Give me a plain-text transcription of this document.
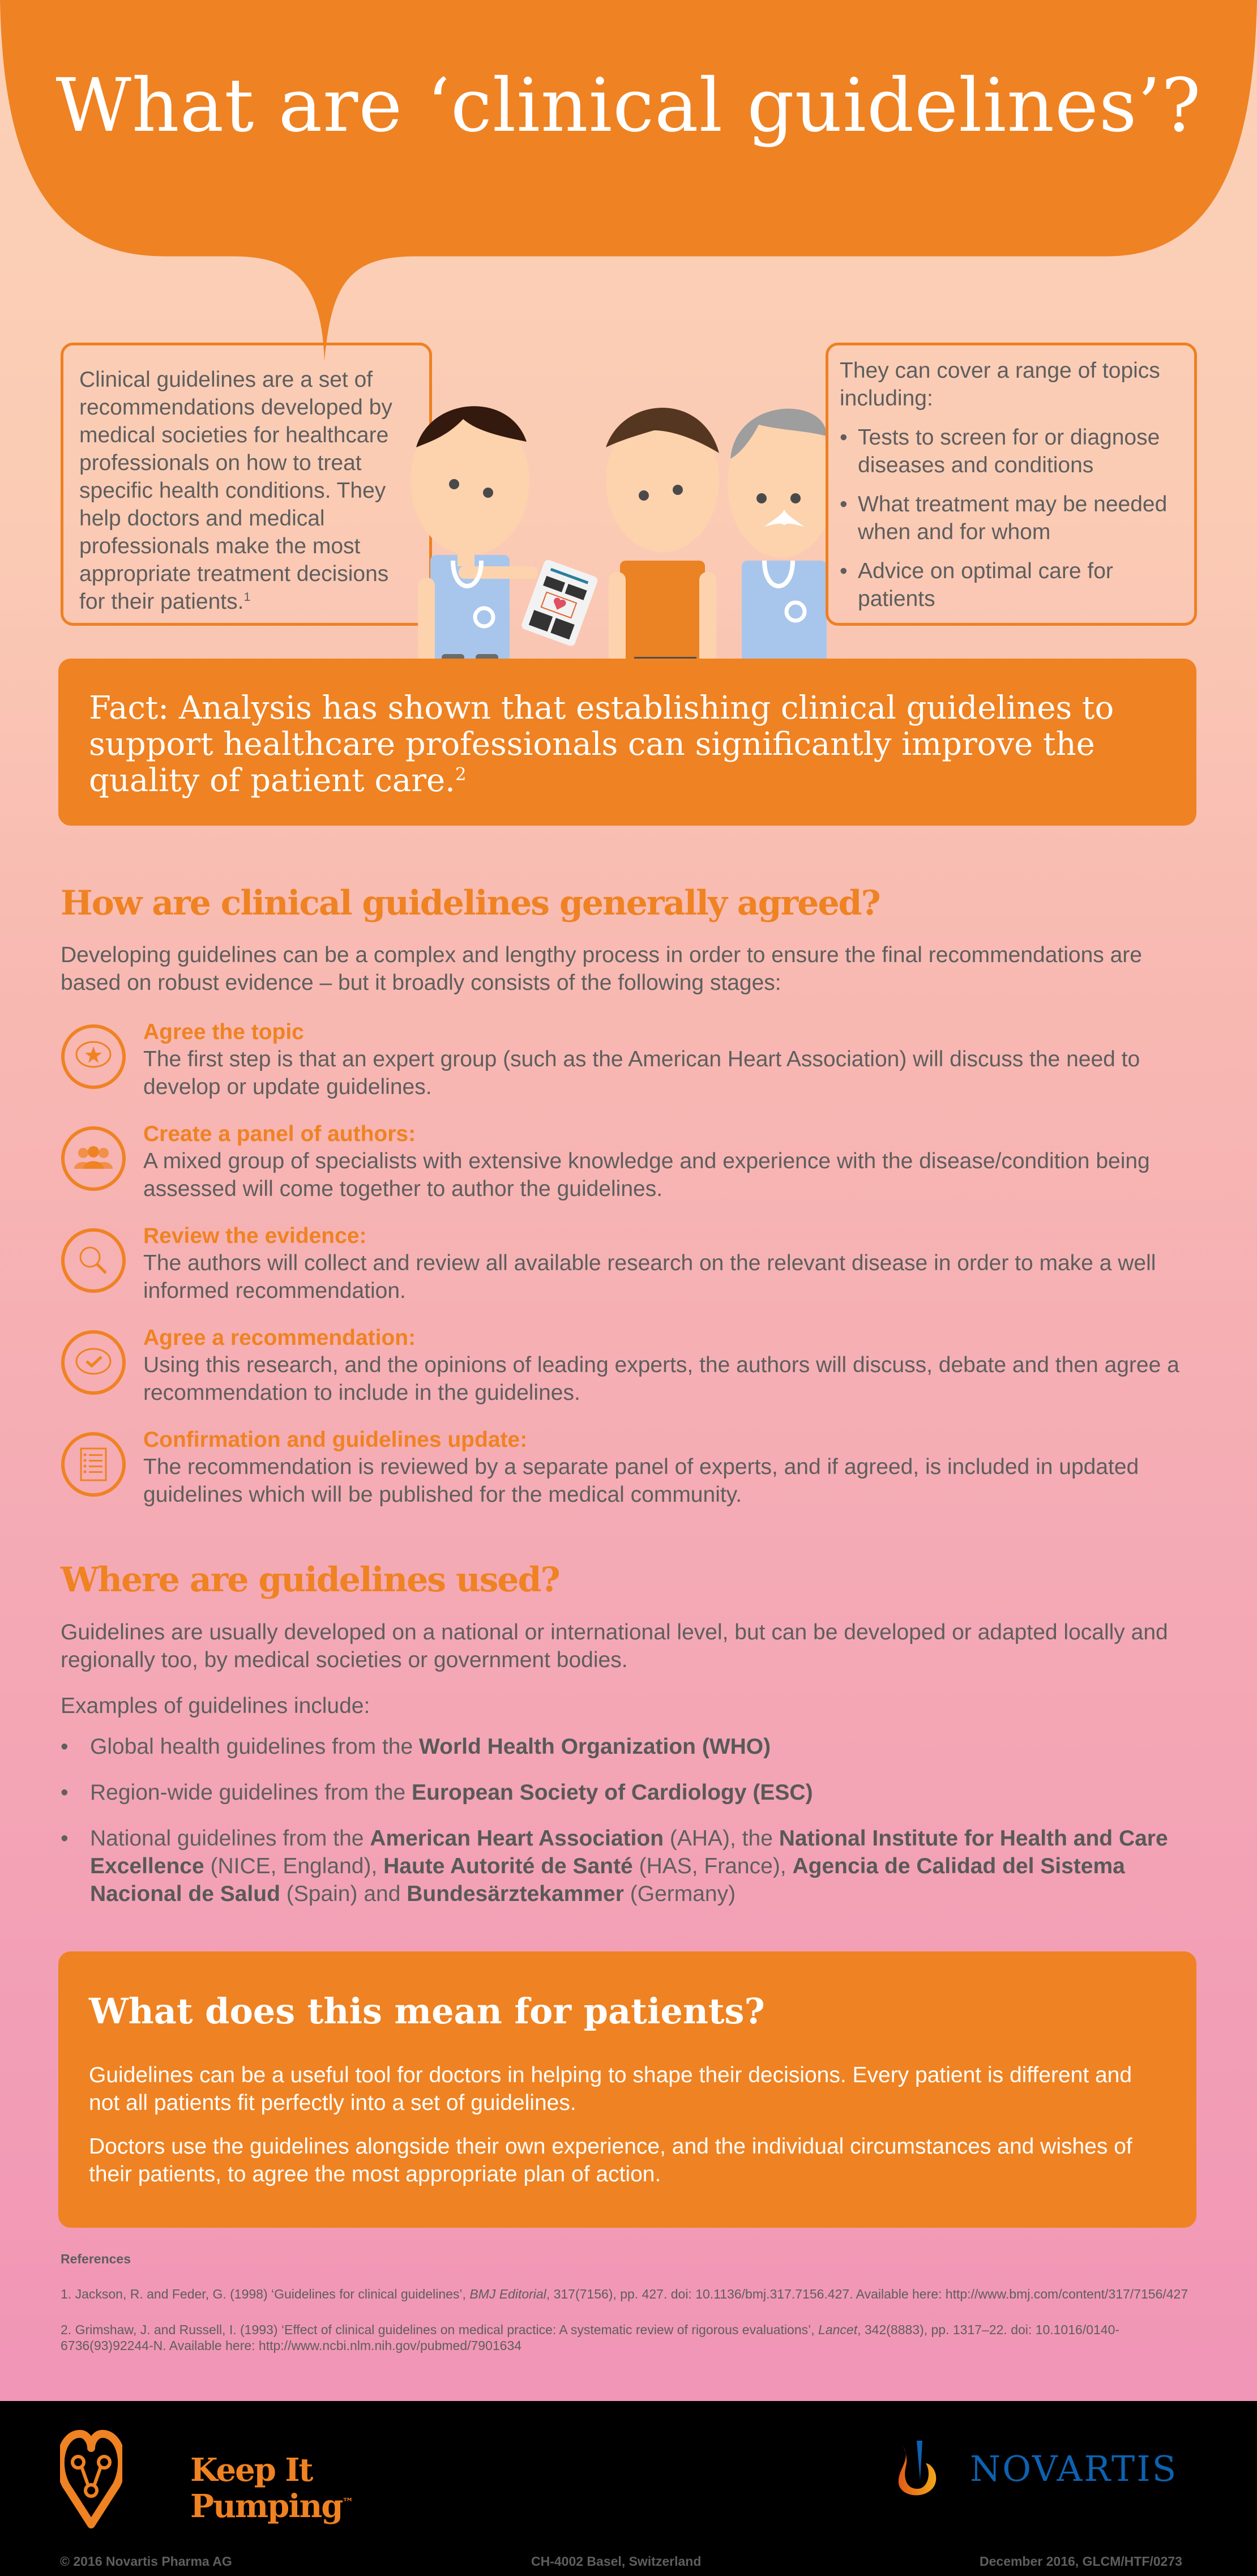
What are ‘clinical guidelines’?
Clinical guidelines are a set of recommendations developed by medical societies for healthcare professionals on how to treat specific health conditions. They help doctors and medical professionals make the most appropriate treatment decisions for their patients.$^1$
They can cover a range of topics including:
• Tests to screen for or diagnose diseases and conditions
• What treatment may be needed when and for whom
• Advice on optimal care for patients
Fact: Analysis has shown that establishing clinical guidelines to support healthcare professionals can significantly improve the quality of patient care.$^2$
How are clinical guidelines generally agreed?

Developing guidelines can be a complex and lengthy process in order to ensure the final recommendations are based on robust evidence – but it broadly consists of the following stages:

Agree the topic
The first step is that an expert group (such as the American Heart Association) will discuss the need to develop or update guidelines.
Create a panel of authors:
A mixed group of specialists with extensive knowledge and experience with the disease/condition being assessed will come together to author the guidelines.
Review the evidence:
The authors will collect and review all available research on the relevant disease in order to make a well informed recommendation.
Agree a recommendation:
Using this research, and the opinions of leading experts, the authors will discuss, debate and then agree a recommendation to include in the guidelines.
Confirmation and guidelines update:
The recommendation is reviewed by a separate panel of experts, and if agreed, is included in updated guidelines which will be published for the medical community.
Where are guidelines used?

Guidelines are usually developed on a national or international level, but can be developed or adapted locally and regionally too, by medical societies or government bodies.

Examples of guidelines include:

• Global health guidelines from the World Health Organization (WHO)
• Region-wide guidelines from the European Society of Cardiology (ESC)
• National guidelines from the American Heart Association (AHA), the National Institute for Health and Care Excellence (NICE, England), Haute Autorité de Santé (HAS, France), Agencia de Calidad del Sistema Nacional de Salud (Spain) and Bundesärztekammer (Germany)
What does this mean for patients?

Guidelines can be a useful tool for doctors in helping to shape their decisions. Every patient is different and not all patients fit perfectly into a set of guidelines.

Doctors use the guidelines alongside their own experience, and the individual circumstances and wishes of their patients, to agree the most appropriate plan of action.

References

1. Jackson, R. and Feder, G. (1998) ‘Guidelines for clinical guidelines’, BMJ Editorial, 317(7156), pp. 427. doi: 10.1136/bmj.317.7156.427. Available here: http://www.bmj.com/content/317/7156/427

2. Grimshaw, J. and Russell, I. (1993) ‘Effect of clinical guidelines on medical practice: A systematic review of rigorous evaluations’, Lancet, 342(8883), pp. 1317–22. doi: 10.1016/0140-6736(93)92244-N. Available here: http://www.ncbi.nlm.nih.gov/pubmed/7901634

Keep It
Pumping™
NOVARTIS
© 2016 Novartis Pharma AG	CH-4002 Basel, Switzerland	December 2016, GLCM/HTF/0273
